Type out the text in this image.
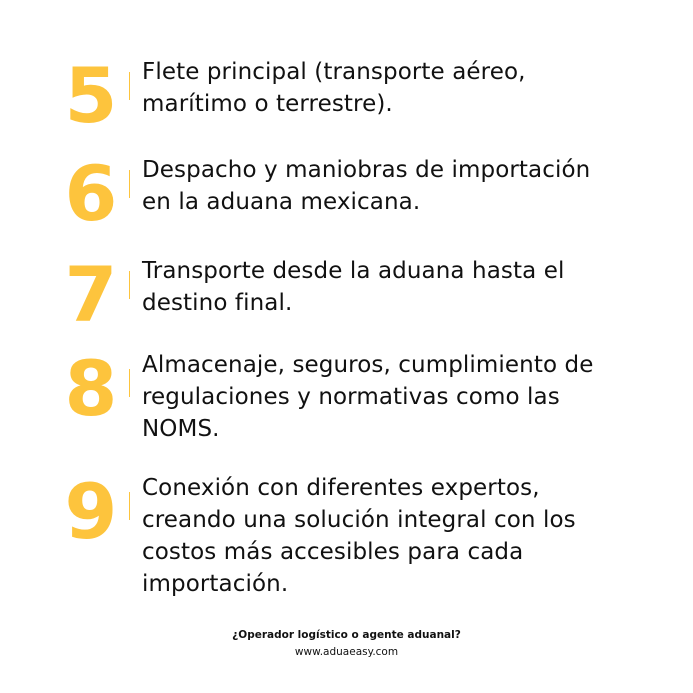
5	Flete principal (transporte aéreo,
marítimo o terrestre).
6	Despacho y maniobras de importación
en la aduana mexicana.
7	Transporte desde la aduana hasta el
destino final.
8	Almacenaje, seguros, cumplimiento de
regulaciones y normativas como las
NOMS.
9	Conexión con diferentes expertos,
creando una solución integral con los
costos más accesibles para cada
importación.
¿Operador logístico o agente aduanal?
www.aduaeasy.com
